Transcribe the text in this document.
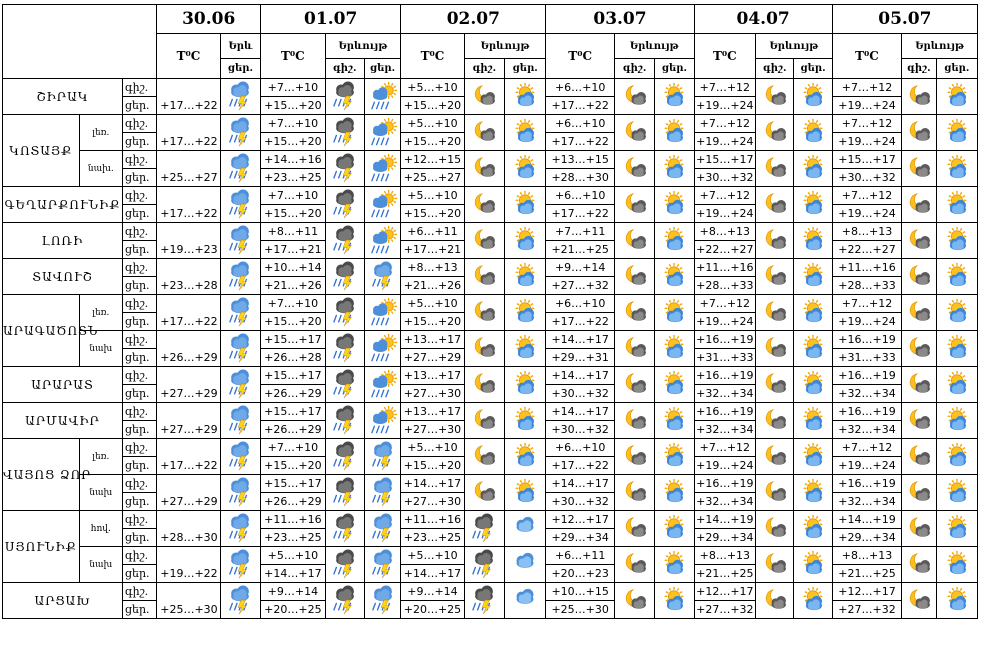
			30.06		01.07			02.07			03.07			04.07			05.07		
			T⁰C	Երև	T⁰C	Երևույթ		T⁰C	Երևույթ		T⁰C	Երևույթ		T⁰C	Երևույթ		T⁰C	Երևույթ	
				ցեր.		գիշ.	ցեր.		գիշ.	ցեր.		գիշ.	ցեր.		գիշ.	ցեր.		գիշ.	ցեր.
ՇԻՐԱԿ		գիշ.	+17…+22		+7…+10			+5…+10			+6…+10			+7…+12			+7…+12	

		ցեր.			+15…+20			+15…+20			+17…+22			+19…+24			+19…+24		
ԿՈՏԱՅՔ	լեռ.	գիշ.	+17…+22		+7…+10			+5…+10			+6…+10			+7…+12			+7…+12	

		ցեր.			+15…+20			+15…+20			+17…+22			+19…+24			+19…+24		
	նախ.	գիշ.	+25…+27		+14…+16			+12…+15			+13…+15			+15…+17			+15…+17	

		ցեր.			+23…+25			+25…+27			+28…+30			+30…+32			+30…+32		
ԳԵՂԱՐՔՈՒՆԻՔ		գիշ.	+17…+22		+7…+10			+5…+10			+6…+10			+7…+12			+7…+12	

		ցեր.			+15…+20			+15…+20			+17…+22			+19…+24			+19…+24		
ԼՈՌԻ		գիշ.	+19…+23		+8…+11			+6…+11			+7…+11			+8…+13			+8…+13	

		ցեր.			+17…+21			+17…+21			+21…+25			+22…+27			+22…+27		
ՏԱՎՈՒՇ		գիշ.	+23…+28		+10…+14			+8…+13			+9…+14			+11…+16			+11…+16	

		ցեր.			+21…+26			+21…+26			+27…+32			+28…+33			+28…+33		
ԱՐԱԳԱԾՈՏՆ	լեռ.	գիշ.	+17…+22		+7…+10			+5…+10			+6…+10			+7…+12			+7…+12	

		ցեր.			+15…+20			+15…+20			+17…+22			+19…+24			+19…+24		
	նախ	գիշ.	+26…+29		+15…+17			+13…+17			+14…+17			+16…+19			+16…+19	

		ցեր.			+26…+28			+27…+29			+29…+31			+31…+33			+31…+33		
ԱՐԱՐԱՏ		գիշ.	+27…+29		+15…+17			+13…+17			+14…+17			+16…+19			+16…+19	

		ցեր.			+26…+29			+27…+30			+30…+32			+32…+34			+32…+34		
ԱՐՄԱՎԻՐ		գիշ.	+27…+29		+15…+17			+13…+17			+14…+17			+16…+19			+16…+19	

		ցեր.			+26…+29			+27…+30			+30…+32			+32…+34			+32…+34		
ՎԱՅՈՑ ՁՈՐ	լեռ.	գիշ.	+17…+22		+7…+10			+5…+10			+6…+10			+7…+12			+7…+12	

		ցեր.			+15…+20			+15…+20			+17…+22			+19…+24			+19…+24		
	նախ	գիշ.	+27…+29		+15…+17			+14…+17			+14…+17			+16…+19			+16…+19	

		ցեր.			+26…+29			+27…+30			+30…+32			+32…+34			+32…+34		
ՍՅՈՒՆԻՔ	հով.	գիշ.	+28…+30		+11…+16			+11…+16			+12…+17			+14…+19			+14…+19	

		ցեր.			+23…+25			+23…+25			+29…+34			+29…+34			+29…+34		
	նախ	գիշ.	+19…+22		+5…+10			+5…+10			+6…+11			+8…+13			+8…+13	

		ցեր.			+14…+17			+14…+17			+20…+23			+21…+25			+21…+25		
ԱՐՑԱԽ		գիշ.	+25…+30		+9…+14			+9…+14			+10…+15			+12…+17			+12…+17	

		ցեր.			+20…+25			+20…+25			+25…+30			+27…+32			+27…+32		
